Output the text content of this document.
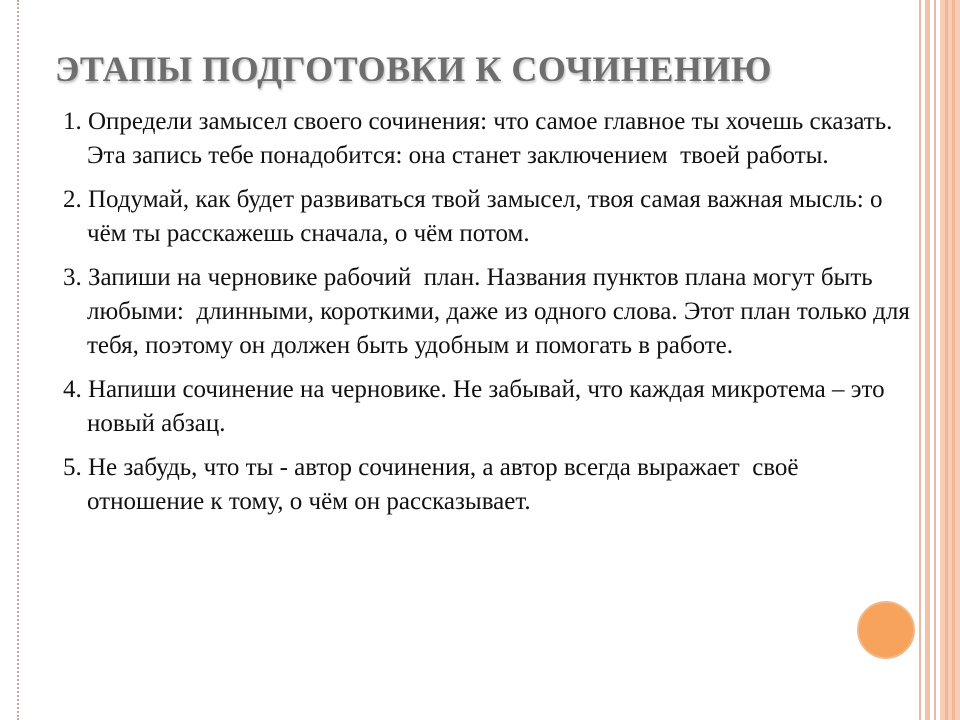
ЭТАПЫ ПОДГОТОВКИ К СОЧИНЕНИЮ
1. Определи замысел своего сочинения: что самое главное ты хочешь сказать. Эта запись тебе понадобится: она станет заключением  твоей работы.
2. Подумай, как будет развиваться твой замысел, твоя самая важная мысль: о чём ты расскажешь сначала, о чём потом.
3. Запиши на черновике рабочий  план. Названия пунктов плана могут быть любыми:  длинными, короткими, даже из одного слова. Этот план только для тебя, поэтому он должен быть удобным и помогать в работе.
4. Напиши сочинение на черновике. Не забывай, что каждая микротема – это новый абзац.
5. Не забудь, что ты - автор сочинения, а автор всегда выражает  своё отношение к тому, о чём он рассказывает.
